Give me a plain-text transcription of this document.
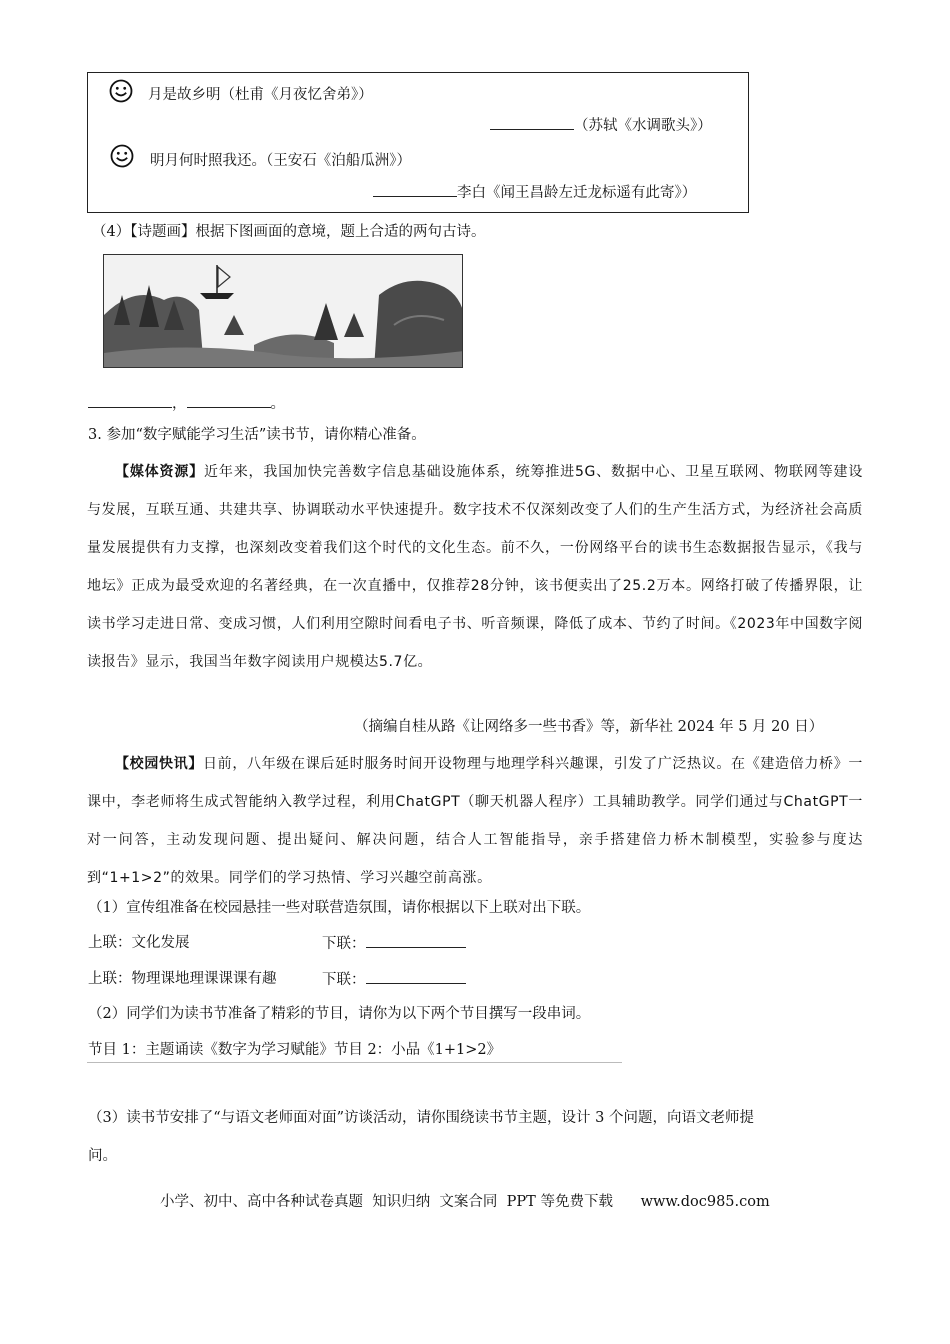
月是故乡明（杜甫《月夜忆舍弟》）
（苏轼《水调歌头》）
明月何时照我还。（王安石《泊船瓜洲》）
李白《闻王昌龄左迁龙标遥有此寄》）
（4）【诗题画】根据下图画面的意境，题上合适的两句古诗。
，	。
3. 参加“数字赋能学习生活”读书节，请你精心准备。

【媒体资源】近年来，我国加快完善数字信息基础设施体系，统筹推进5G、数据中心、卫星互联网、物联网等建设与发展，互联互通、共建共享、协调联动水平快速提升。数字技术不仅深刻改变了人们的生产生活方式，为经济社会高质量发展提供有力支撑，也深刻改变着我们这个时代的文化生态。前不久，一份网络平台的读书生态数据报告显示，《我与地坛》正成为最受欢迎的名著经典，在一次直播中，仅推荐28分钟，该书便卖出了25.2万本。网络打破了传播界限，让读书学习走进日常、变成习惯，人们利用空隙时间看电子书、听音频课，降低了成本、节约了时间。《2023年中国数字阅读报告》显示，我国当年数字阅读用户规模达5.7亿。

（摘编自桂从路《让网络多一些书香》等，新华社 2024 年 5 月 20 日）

【校园快讯】日前，八年级在课后延时服务时间开设物理与地理学科兴趣课，引发了广泛热议。在《建造倍力桥》一课中，李老师将生成式智能纳入教学过程，利用ChatGPT（聊天机器人程序）工具辅助教学。同学们通过与ChatGPT一对一问答，主动发现问题、提出疑问、解决问题，结合人工智能指导，亲手搭建倍力桥木制模型，实验参与度达到“1+1>2”的效果。同学们的学习热情、学习兴趣空前高涨。

（1）宣传组准备在校园悬挂一些对联营造氛围，请你根据以下上联对出下联。
上联：文化发展	下联：
上联：物理课地理课课课有趣	下联：
（2）同学们为读书节准备了精彩的节目，请你为以下两个节目撰写一段串词。
节目 1：主题诵读《数字为学习赋能》节目 2：小品《1+1>2》
（3）读书节安排了“与语文老师面对面”访谈活动，请你围绕读书节主题，设计 3 个问题，向语文老师提
问。
小学、初中、高中各种试卷真题  知识归纳  文案合同  PPT 等免费下载      www.doc985.com
